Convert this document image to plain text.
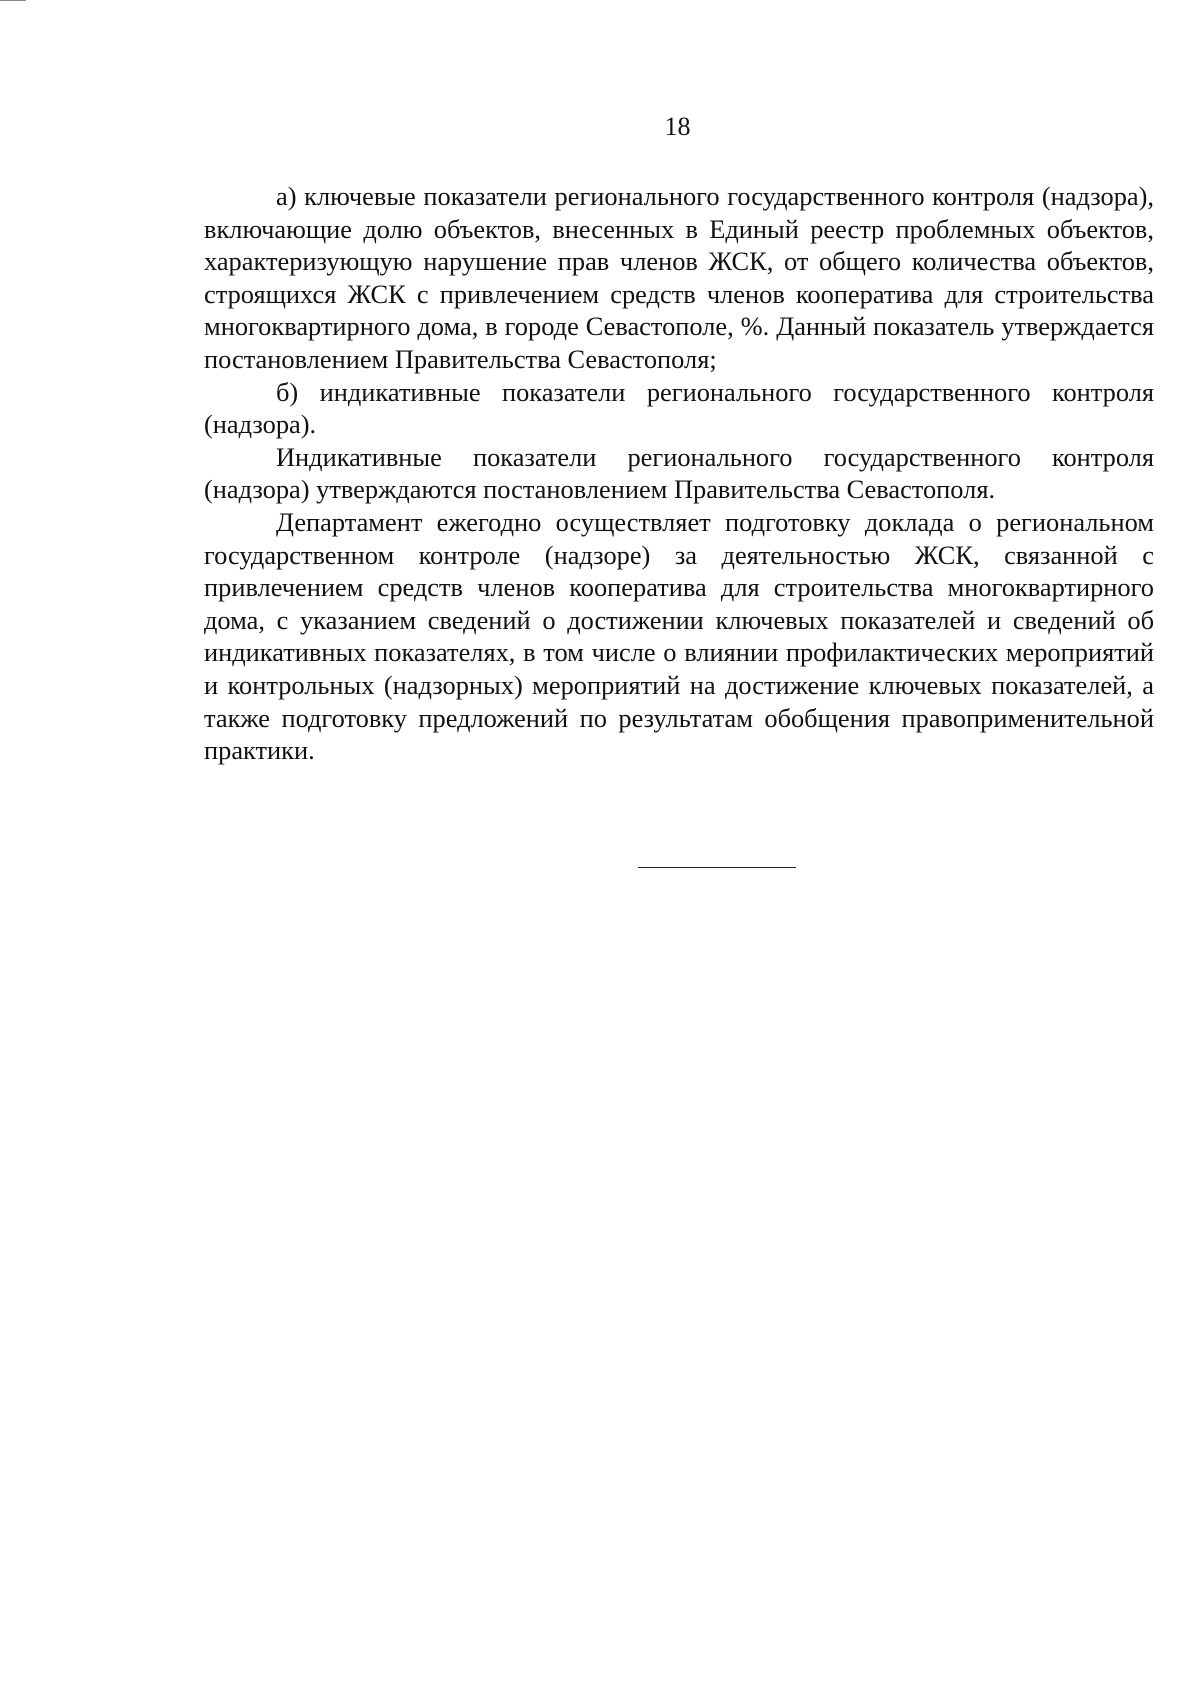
18

а) ключевые показатели регионального государственного контроля (надзора), включающие долю объектов, внесенных в Единый реестр проблемных объектов, характеризующую нарушение прав членов ЖСК, от общего количества объектов, строящихся ЖСК с привлечением средств членов кооператива для строительства многоквартирного дома, в городе Севастополе, %. Данный показатель утверждается постановлением Правительства Севастополя;

б) индикативные показатели регионального государственного контроля (надзора).

Индикативные показатели регионального государственного контроля (надзора) утверждаются постановлением Правительства Севастополя.

Департамент ежегодно осуществляет подготовку доклада о региональном государственном контроле (надзоре) за деятельностью ЖСК, связанной с привлечением средств членов кооператива для строительства многоквартирного дома, с указанием сведений о достижении ключевых показателей и сведений об индикативных показателях, в том числе о влиянии профилактических мероприятий и контрольных (надзорных) мероприятий на достижение ключевых показателей, а также подготовку предложений по результатам обобщения правоприменительной практики.
